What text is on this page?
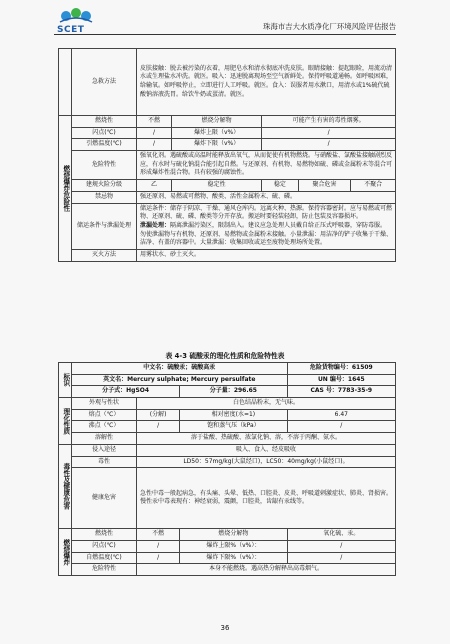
SCET	珠海市吉大水质净化厂环境风险评估报告
	急救方法	皮肤接触：脱去被污染的衣着，用肥皂水和清水彻底冲洗皮肤。眼睛接触：提起眼睑，用流动清水或生理盐水冲洗。就医。吸入：迅速脱离现场至空气新鲜处。保持呼吸道通畅。如呼吸困难，给输氧。如呼吸停止，立即进行人工呼吸。就医。食入：误服者用水漱口，用清水或1%硫代硫酸钠溶液洗胃。给饮牛奶或蛋清。就医。				

燃烧爆炸危险性	燃烧性	不燃	燃烧分解物	可能产生有害的毒性烟雾。		
	闪点(℃)	/	爆炸上限（v%）	/		
	引燃温度(℃)	/	爆炸下限（v%）	/		
	危险特性	强氧化剂。遇硫酸或高温时能释放出氧气，从而促使有机物燃烧。与硝酸盐、氯酸盐接触剧烈反应，有水时与硫化钠混合能引起自燃。与还原剂、有机物、易燃物如硫、磷或金属粉末等混合可形成爆炸性混合物。具有较强的腐蚀性。				
	建规火险分级	乙	稳定性	稳定	聚合危害	不聚合
	禁忌物	强还原剂、易燃或可燃物、酸类、活性金属粉末、硫、磷。				
	储运条件与泄漏处理	储运条件：储存于阴凉、干燥、通风仓库内。远离火种、热源。保持容器密封。应与易燃或可燃物、还原剂、硫、磷、酸类等分开存放。搬运时要轻装轻卸，防止包装及容器损坏。
泄漏处理：隔离泄漏污染区，限制出入。建议应急处理人员戴自给正压式呼吸器，穿防毒服。勿使泄漏物与有机物、还原剂、易燃物或金属粉末接触。小量泄漏：用洁净的铲子收集于干燥、洁净、有盖的容器中。大量泄漏：收集回收或运至废物处理场所处置。				

	灭火方法	用雾状水、砂土灭火。				
表 4-3 硫酸汞的理化性质和危险特性表
标识	中文名：硫酸汞；硫酸高汞			危险货物编号：61509
	英文名：Mercury sulphate; Mercury persulfate			UN 编号：1645
	分子式：HgSO4		分子量：296.65	CAS 号：7783-35-9

理化性质	外观与性状	白色结晶粉末，无气味。		
	熔点（℃）	(分解)	相对密度(水=1)	6.47
	沸点（℃）	/	饱和蒸气压（kPa）	/
	溶解性	溶于盐酸、热硫酸、浓氯化钠、溶，不溶于丙酮、氨水。		

毒性及健康危害	侵入途径	吸入、食入、经皮吸收		
	毒性	LD50：57mg/kg(大鼠经口)，LC50：40mg/kg(小鼠经口)。		
	健康危害	急性中毒一般起病急，有头痛、头晕、低热、口腔炎、皮炎、呼吸道刺激症状、肺炎、肾损害。慢性汞中毒表现有：神经衰弱，震颤，口腔炎，齿龈有汞线等。		

燃烧爆炸	燃烧性	不燃	燃烧分解物	氧化硫、汞。
	闪点(℃)	/	爆炸上限%（v%）：	/
	自燃温度(℃)	/	爆炸下限%（v%）：	/
	危险特性	本身不能燃烧。遇高热分解释出高毒烟气。		
36
